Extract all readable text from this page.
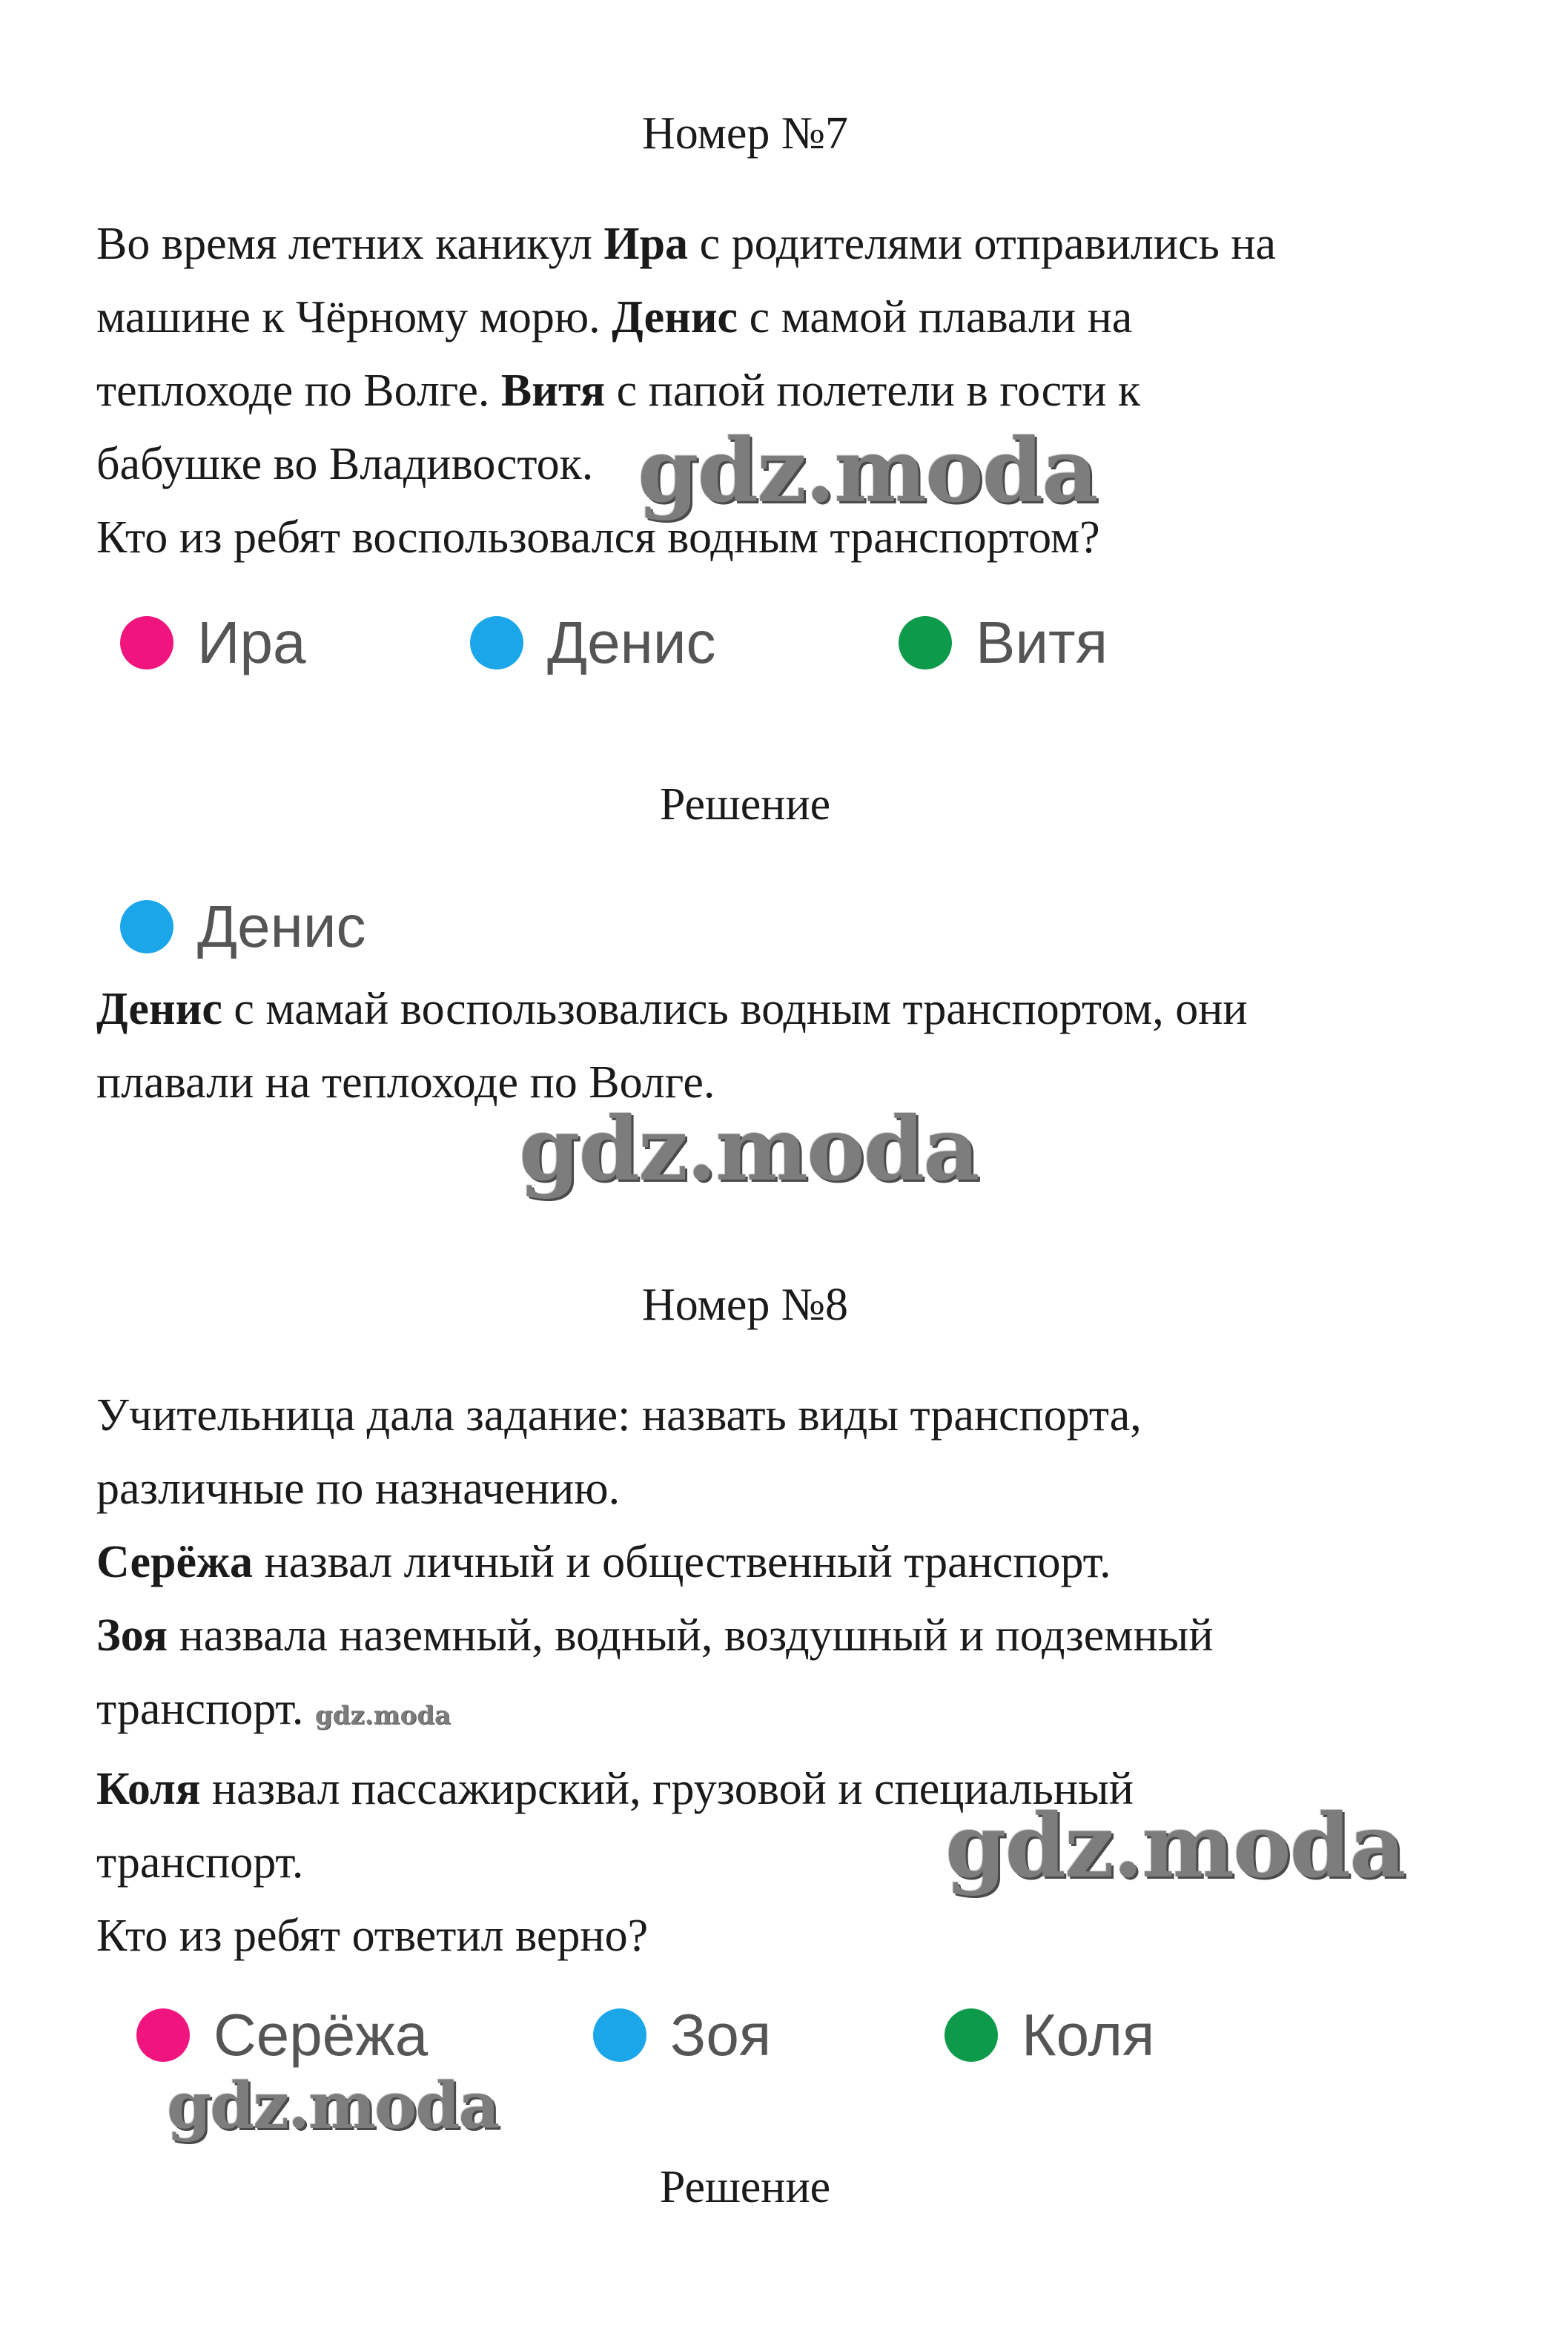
Номер №7

Во время летних каникул Ира с родителями отправились на

машине к Чёрному морю. Денис с мамой плавали на

теплоходе по Волге. Витя с папой полетели в гости к

бабушке во Владивосток.

Кто из ребят воспользовался водным транспортом?

gdz.moda
Ира	Денис	Витя
Решение
Денис

Денис с мамай воспользовались водным транспортом, они

плавали на теплоходе по Волге.

gdz.moda
Номер №8

Учительница дала задание: назвать виды транспорта,

различные по назначению.

Серёжа назвал личный и общественный транспорт.

Зоя назвала наземный, водный, воздушный и подземный

транспорт. gdz.moda

Коля назвал пассажирский, грузовой и специальный

транспорт.

Кто из ребят ответил верно?

gdz.moda
Серёжа	Зоя	Коля
gdz.moda
Решение
